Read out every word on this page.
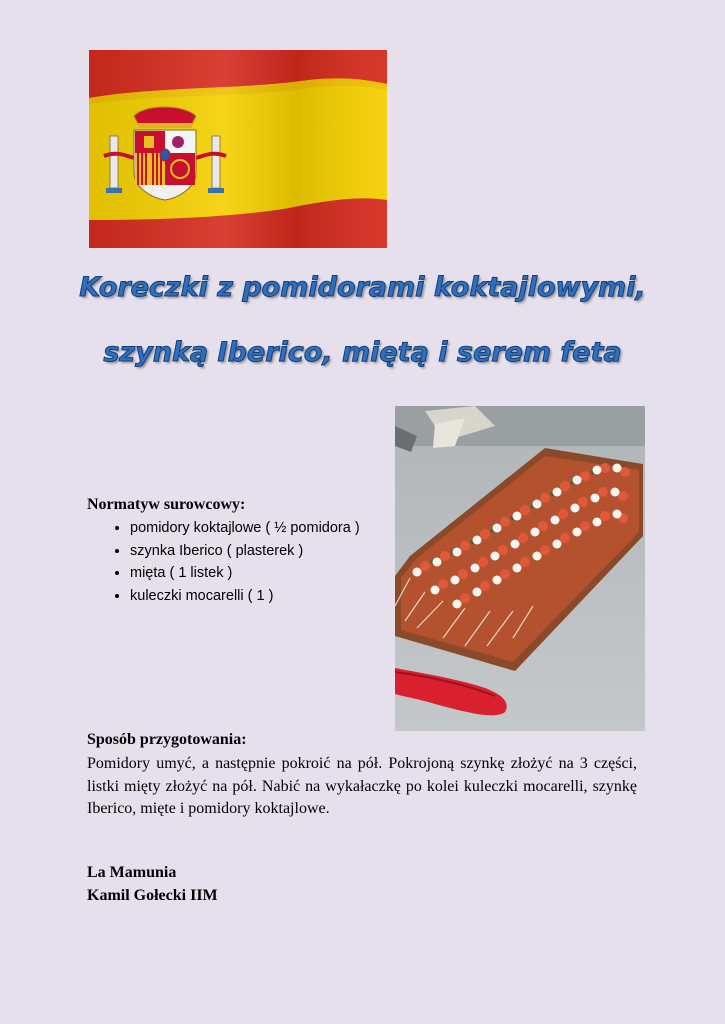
Koreczki z pomidorami koktajlowymi,
szynką Iberico, miętą i serem feta
Normatyw surowcowy:
• pomidory koktajlowe ( ½ pomidora )
• szynka Iberico ( plasterek )
• mięta ( 1 listek )
• kuleczki mocarelli ( 1 )
Sposób przygotowania:
Pomidory umyć, a następnie pokroić na pół. Pokrojoną szynkę złożyć na 3 części, listki mięty złożyć na pół. Nabić na wykałaczkę po kolei kuleczki mocarelli, szynkę Iberico, mięte i pomidory koktajlowe.
La Mamunia
Kamil Gołecki IIM
